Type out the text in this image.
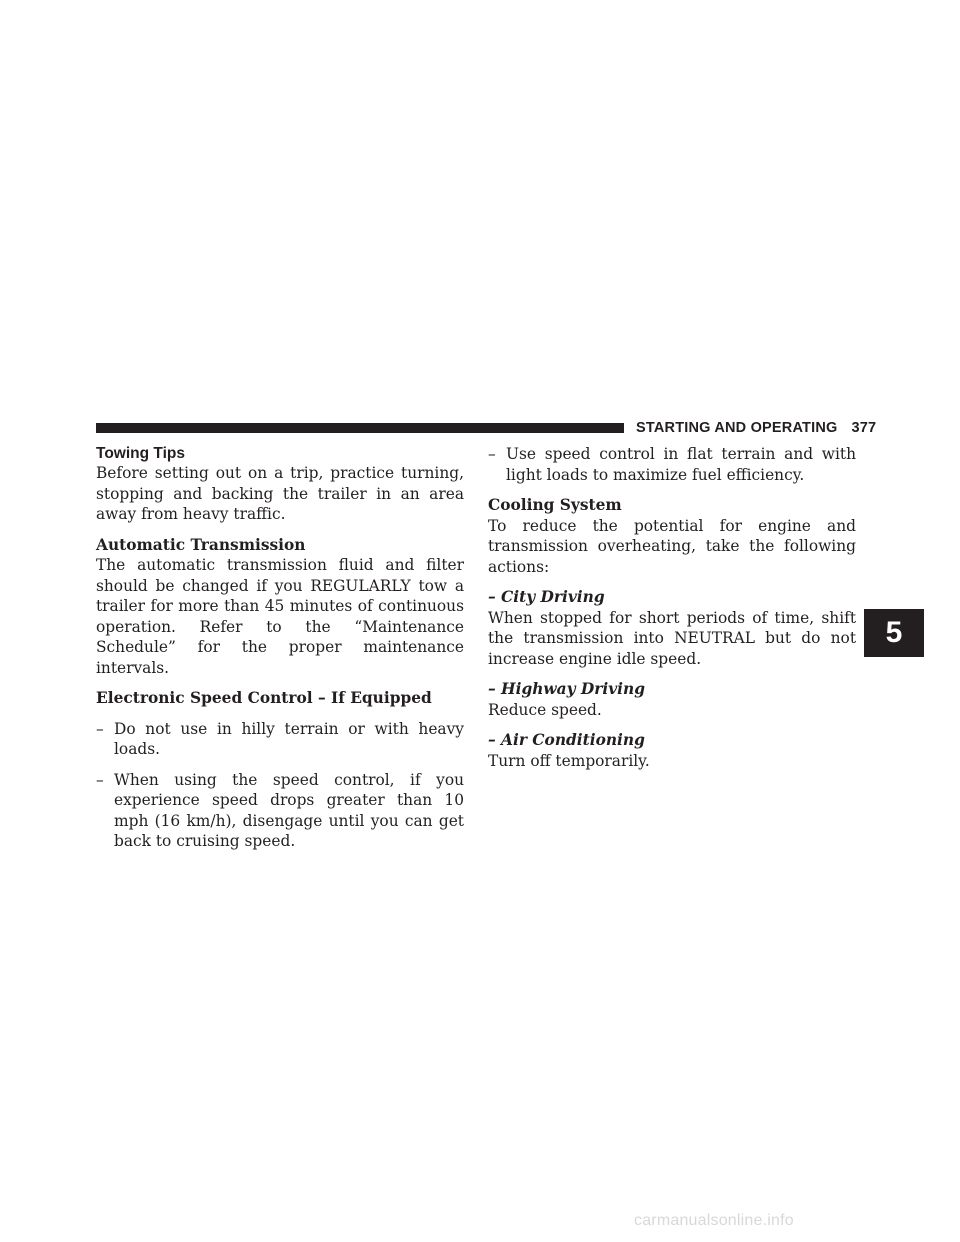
STARTING AND OPERATING 377
Towing Tips

Before setting out on a trip, practice turning, stopping and backing the trailer in an area away from heavy traffic.

Automatic Transmission

The automatic transmission fluid and filter should be changed if you REGULARLY tow a trailer for more than 45 minutes of continuous operation. Refer to the “Maintenance Schedule” for the proper maintenance intervals.

Electronic Speed Control – If Equipped

– Do not use in hilly terrain or with heavy loads.

– When using the speed control, if you experience speed drops greater than 10 mph (16 km/h), disengage until you can get back to cruising speed.

– Use speed control in flat terrain and with light loads to maximize fuel efficiency.

Cooling System

To reduce the potential for engine and transmission overheating, take the following actions:

– City Driving

When stopped for short periods of time, shift the transmission into NEUTRAL but do not increase engine idle speed.

– Highway Driving

Reduce speed.

– Air Conditioning

Turn off temporarily.

5
carmanualsonline.info
